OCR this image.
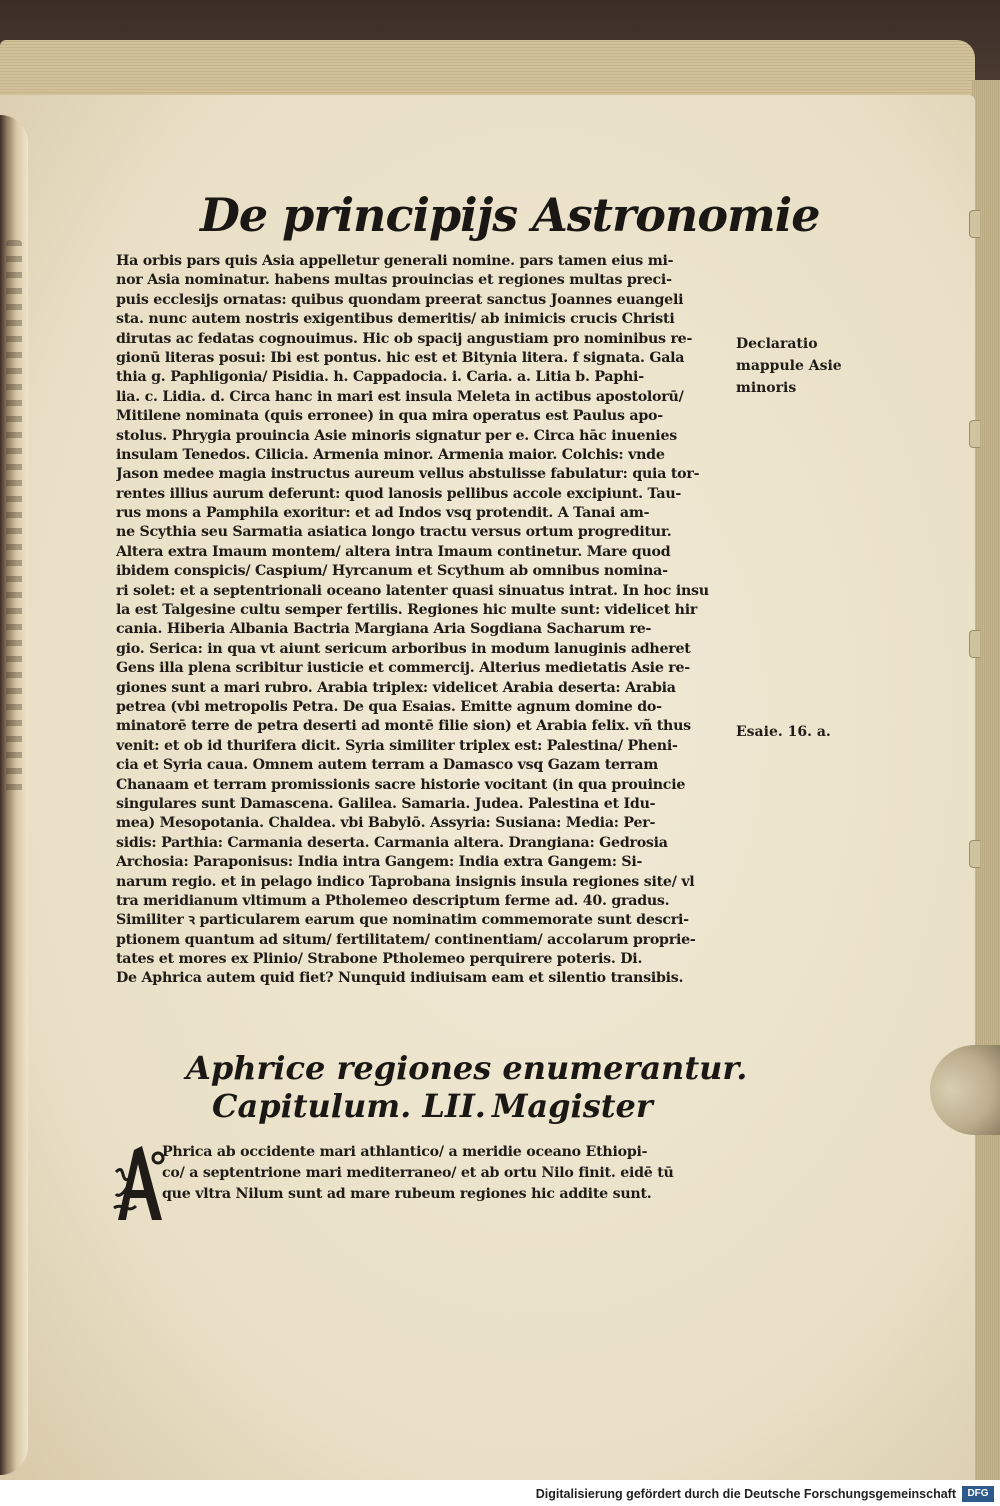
De principijs Astronomie
Ha orbis pars quis Asia appelletur generali nomine. pars tamen eius mi-
nor Asia nominatur. habens multas prouincias et regiones multas preci-
puis ecclesijs ornatas: quibus quondam preerat sanctus Joannes euangeli
sta. nunc autem nostris exigentibus demeritis/ ab inimicis crucis Christi
dirutas ac fedatas cognouimus. Hic ob spacij angustiam pro nominibus re-
gionū literas posui: Ibi est pontus. hic est et Bitynia litera. f signata. Gala
thia g. Paphligonia/ Pisidia. h. Cappadocia. i. Caria. a. Litia b. Paphi-
lia. c. Lidia. d. Circa hanc in mari est insula Meleta in actibus apostolorū/
Mitilene nominata (quis erronee) in qua mira operatus est Paulus apo-
stolus. Phrygia prouincia Asie minoris signatur per e. Circa hāc inuenies
insulam Tenedos. Cilicia. Armenia minor. Armenia maior. Colchis: vnde
Jason medee magia instructus aureum vellus abstulisse fabulatur: quia tor-
rentes illius aurum deferunt: quod lanosis pellibus accole excipiunt. Tau-
rus mons a Pamphila exoritur: et ad Indos vsq protendit. A Tanai am-
ne Scythia seu Sarmatia asiatica longo tractu versus ortum progreditur.
Altera extra Imaum montem/ altera intra Imaum continetur. Mare quod
ibidem conspicis/ Caspium/ Hyrcanum et Scythum ab omnibus nomina-
ri solet: et a septentrionali oceano latenter quasi sinuatus intrat. In hoc insu
la est Talgesine cultu semper fertilis. Regiones hic multe sunt: videlicet hir
cania. Hiberia Albania Bactria Margiana Aria Sogdiana Sacharum re-
gio. Serica: in qua vt aiunt sericum arboribus in modum lanuginis adheret
Gens illa plena scribitur iusticie et commercij. Alterius medietatis Asie re-
giones sunt a mari rubro. Arabia triplex: videlicet Arabia deserta: Arabia
petrea (vbi metropolis Petra. De qua Esaias. Emitte agnum domine do-
minatorē terre de petra deserti ad montē filie sion) et Arabia felix. vñ thus
venit: et ob id thurifera dicit. Syria similiter triplex est: Palestina/ Pheni-
cia et Syria caua. Omnem autem terram a Damasco vsq Gazam terram
Chanaam et terram promissionis sacre historie vocitant (in qua prouincie
singulares sunt Damascena. Galilea. Samaria. Judea. Palestina et Idu-
mea) Mesopotania. Chaldea. vbi Babylō. Assyria: Susiana: Media: Per-
sidis: Parthia: Carmania deserta. Carmania altera. Drangiana: Gedrosia
Archosia: Paraponisus: India intra Gangem: India extra Gangem: Si-
narum regio. et in pelago indico Taprobana insignis insula regiones site/ vl
tra meridianum vltimum a Ptholemeo descriptum ferme ad. 40. gradus.
Similiter ꝛ particularem earum que nominatim commemorate sunt descri-
ptionem quantum ad situm/ fertilitatem/ continentiam/ accolarum proprie-
tates et mores ex Plinio/ Strabone Ptholemeo perquirere poteris. Di.
De Aphrica autem quid fiet? Nunquid indiuisam eam et silentio transibis.
Declaratio
mappule Asie
minoris
Esaie. 16. a.
Aphrice regiones enumerantur.
Capitulum. LII. Magister
Phrica ab occidente mari athlantico/ a meridie oceano Ethiopi-
co/ a septentrione mari mediterraneo/ et ab ortu Nilo finit. eidē tū
que vltra Nilum sunt ad mare rubeum regiones hic addite sunt.
Digitalisierung gefördert durch die Deutsche Forschungsgemeinschaft	DFG
